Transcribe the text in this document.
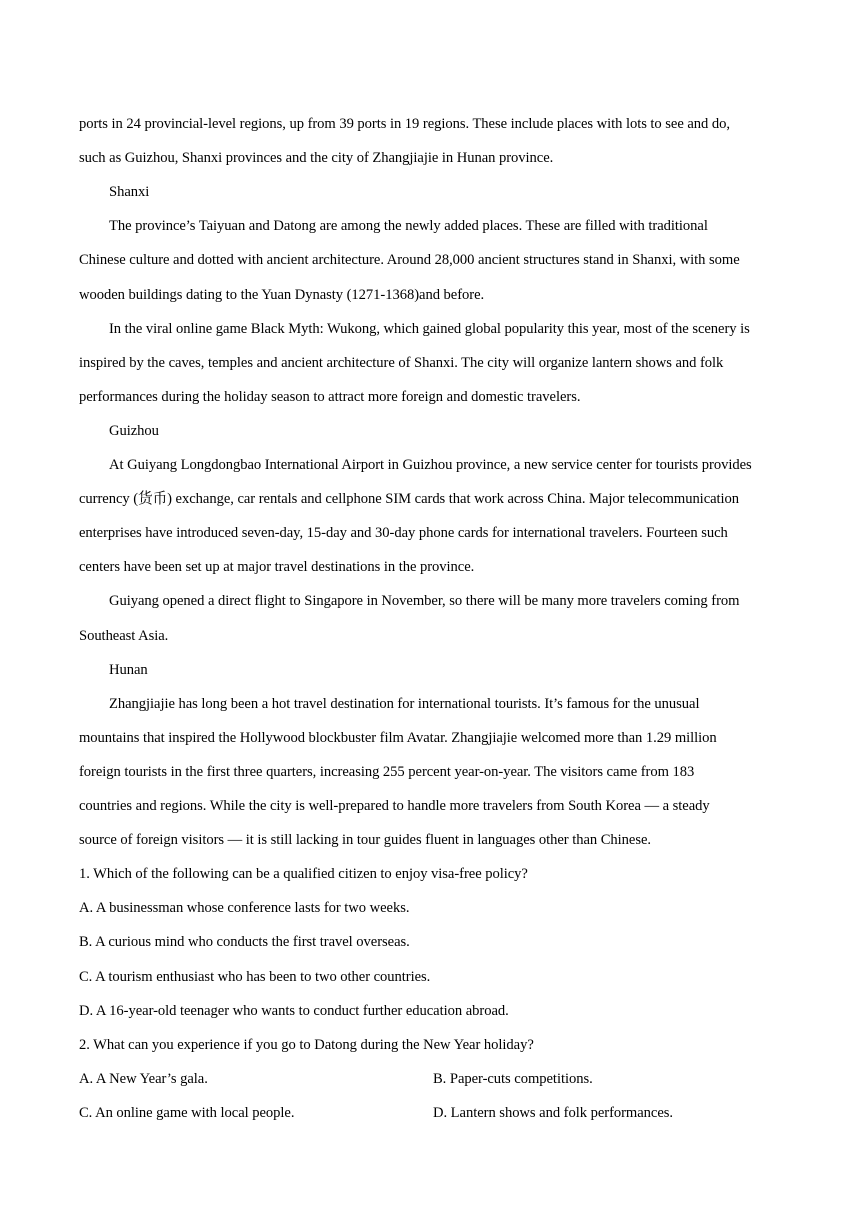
ports in 24 provincial-level regions, up from 39 ports in 19 regions. These include places with lots to see and do,
such as Guizhou, Shanxi provinces and the city of Zhangjiajie in Hunan province.
Shanxi
The province’s Taiyuan and Datong are among the newly added places. These are filled with traditional
Chinese culture and dotted with ancient architecture. Around 28,000 ancient structures stand in Shanxi, with some
wooden buildings dating to the Yuan Dynasty (1271-1368)and before.
In the viral online game Black Myth: Wukong, which gained global popularity this year, most of the scenery is
inspired by the caves, temples and ancient architecture of Shanxi. The city will organize lantern shows and folk
performances during the holiday season to attract more foreign and domestic travelers.
Guizhou
At Guiyang Longdongbao International Airport in Guizhou province, a new service center for tourists provides
currency (货币) exchange, car rentals and cellphone SIM cards that work across China. Major telecommunication
enterprises have introduced seven-day, 15-day and 30-day phone cards for international travelers. Fourteen such
centers have been set up at major travel destinations in the province.
Guiyang opened a direct flight to Singapore in November, so there will be many more travelers coming from
Southeast Asia.
Hunan
Zhangjiajie has long been a hot travel destination for international tourists. It’s famous for the unusual
mountains that inspired the Hollywood blockbuster film Avatar. Zhangjiajie welcomed more than 1.29 million
foreign tourists in the first three quarters, increasing 255 percent year-on-year. The visitors came from 183
countries and regions. While the city is well-prepared to handle more travelers from South Korea — a steady
source of foreign visitors — it is still lacking in tour guides fluent in languages other than Chinese.
1. Which of the following can be a qualified citizen to enjoy visa-free policy?
A. A businessman whose conference lasts for two weeks.
B. A curious mind who conducts the first travel overseas.
C. A tourism enthusiast who has been to two other countries.
D. A 16-year-old teenager who wants to conduct further education abroad.
2. What can you experience if you go to Datong during the New Year holiday?
A. A New Year’s gala.	B. Paper-cuts competitions.
C. An online game with local people.	D. Lantern shows and folk performances.
